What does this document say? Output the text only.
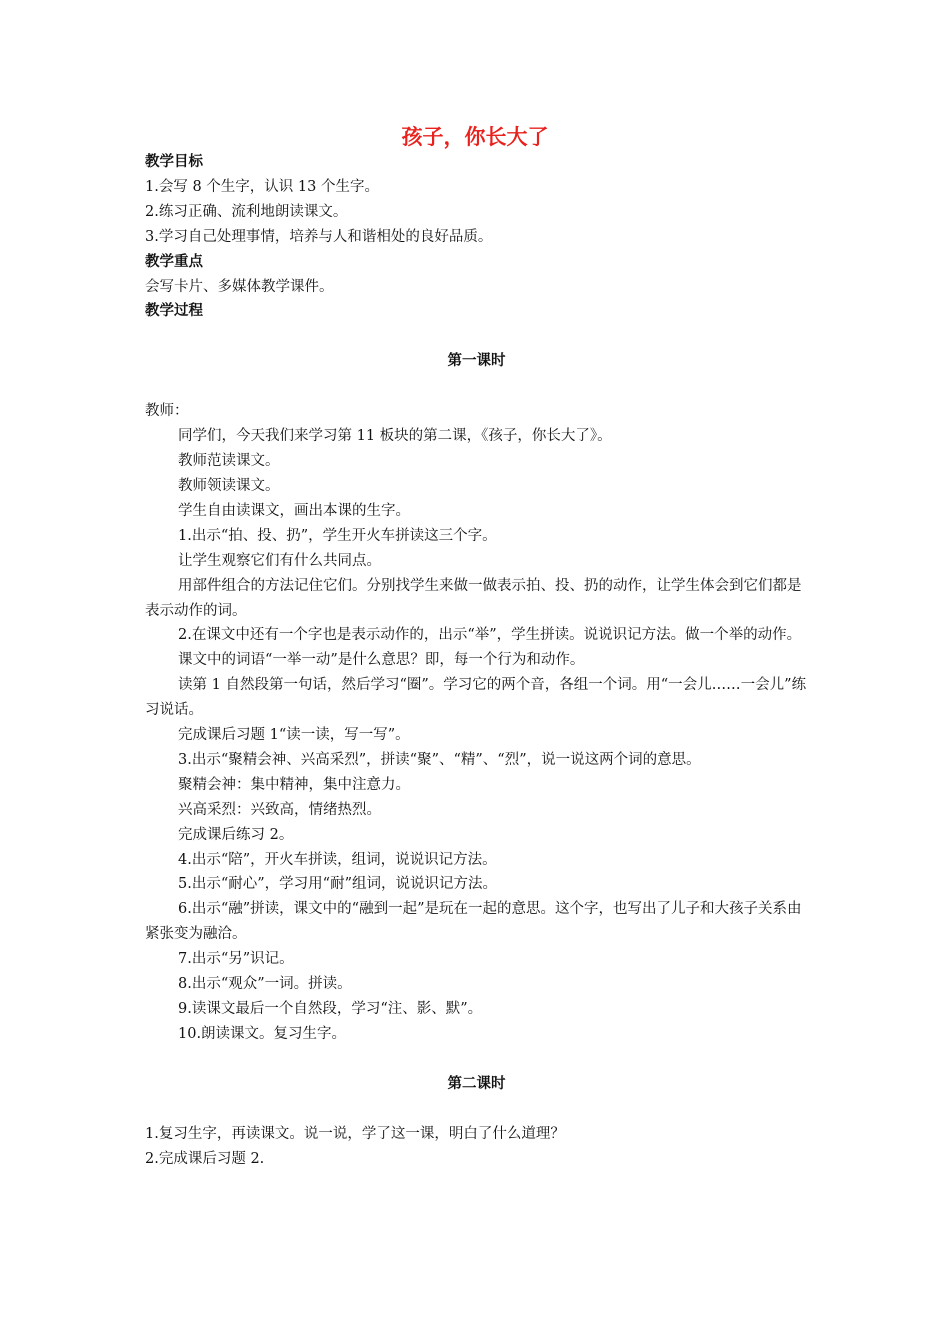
孩子，你长大了

教学目标

1.会写 8 个生字，认识 13 个生字。

2.练习正确、流利地朗读课文。

3.学习自己处理事情，培养与人和谐相处的良好品质。

教学重点

会写卡片、多媒体教学课件。

教学过程

第一课时

教师：

同学们，今天我们来学习第 11 板块的第二课，《孩子，你长大了》。

教师范读课文。

教师领读课文。

学生自由读课文，画出本课的生字。

1.出示“拍、投、扔”，学生开火车拼读这三个字。

让学生观察它们有什么共同点。

用部件组合的方法记住它们。分别找学生来做一做表示拍、投、扔的动作，让学生体会到它们都是表示动作的词。

2.在课文中还有一个字也是表示动作的，出示“举”，学生拼读。说说识记方法。做一个举的动作。

课文中的词语“一举一动”是什么意思？即，每一个行为和动作。

读第 1 自然段第一句话，然后学习“圈”。学习它的两个音，各组一个词。用“一会儿……一会儿”练习说话。

完成课后习题 1“读一读，写一写”。

3.出示“聚精会神、兴高采烈”，拼读“聚”、“精”、“烈”，说一说这两个词的意思。

聚精会神：集中精神，集中注意力。

兴高采烈：兴致高，情绪热烈。

完成课后练习 2。

4.出示“陪”，开火车拼读，组词，说说识记方法。

5.出示“耐心”，学习用“耐”组词，说说识记方法。

6.出示“融”拼读，课文中的“融到一起”是玩在一起的意思。这个字，也写出了儿子和大孩子关系由紧张变为融洽。

7.出示“另”识记。

8.出示“观众”一词。拼读。

9.读课文最后一个自然段，学习“注、影、默”。

10.朗读课文。复习生字。

第二课时

1.复习生字，再读课文。说一说，学了这一课，明白了什么道理？

2.完成课后习题 2.
